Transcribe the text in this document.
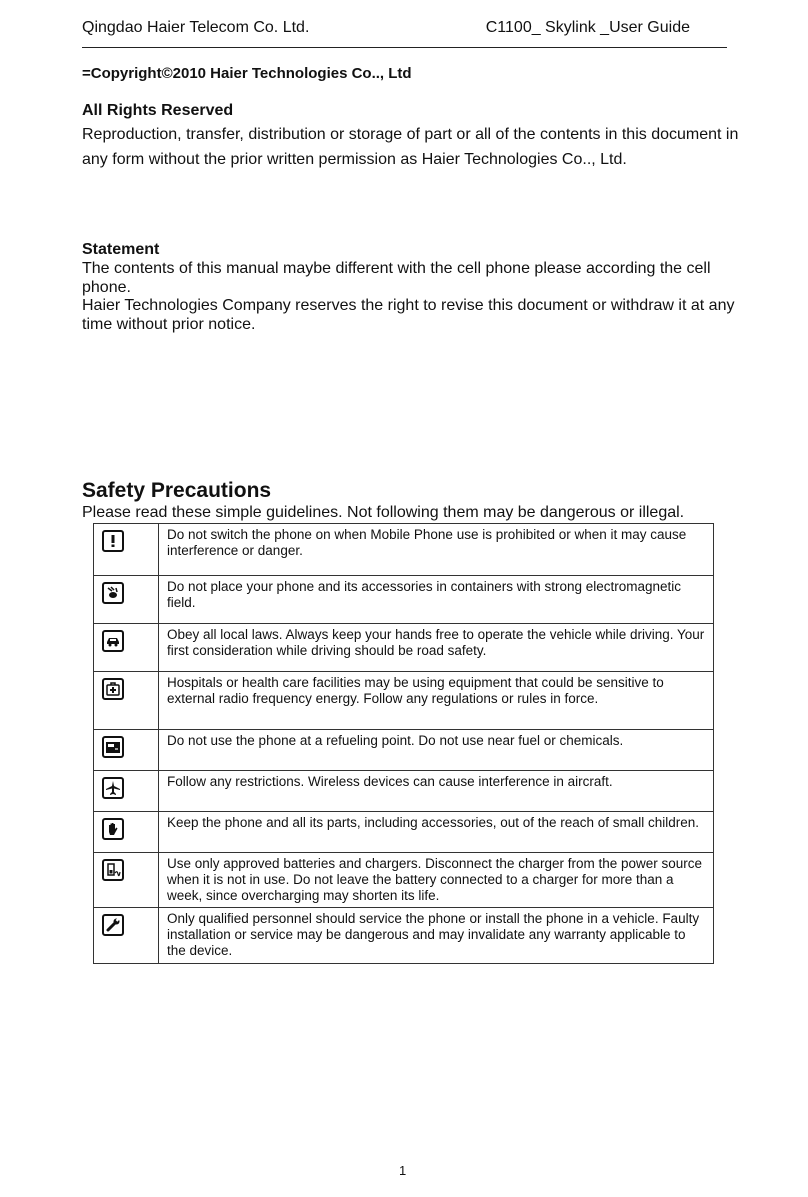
Qingdao Haier Telecom Co. Ltd.	C1100_ Skylink _User Guide
=Copyright©2010 Haier Technologies Co.., Ltd
All Rights Reserved
Reproduction, transfer, distribution or storage of part or all of the contents in this document in any form without the prior written permission as Haier Technologies Co.., Ltd.
Statement

The contents of this manual maybe different with the cell phone please according the cell phone.

Haier Technologies Company reserves the right to revise this document or withdraw it at any time without prior notice.

Safety Precautions
Please read these simple guidelines. Not following them may be dangerous or illegal.
	Do not switch the phone on when Mobile Phone use is prohibited or when it may cause interference or danger.

	Do not place your phone and its accessories in containers with strong electromagnetic field.

	Obey all local laws. Always keep your hands free to operate the vehicle while driving. Your first consideration while driving should be road safety.

	Hospitals or health care facilities may be using equipment that could be sensitive to external radio frequency energy. Follow any regulations or rules in force.

	Do not use the phone at a refueling point. Do not use near fuel or chemicals.

	Follow any restrictions. Wireless devices can cause interference in aircraft.

	Keep the phone and all its parts, including accessories, out of the reach of small children.

	Use only approved batteries and chargers. Disconnect the charger from the power source when it is not in use. Do not leave the battery connected to a charger for more than a week, since overcharging may shorten its life.

	Only qualified personnel should service the phone or install the phone in a vehicle. Faulty installation or service may be dangerous and may invalidate any warranty applicable to the device.
1
